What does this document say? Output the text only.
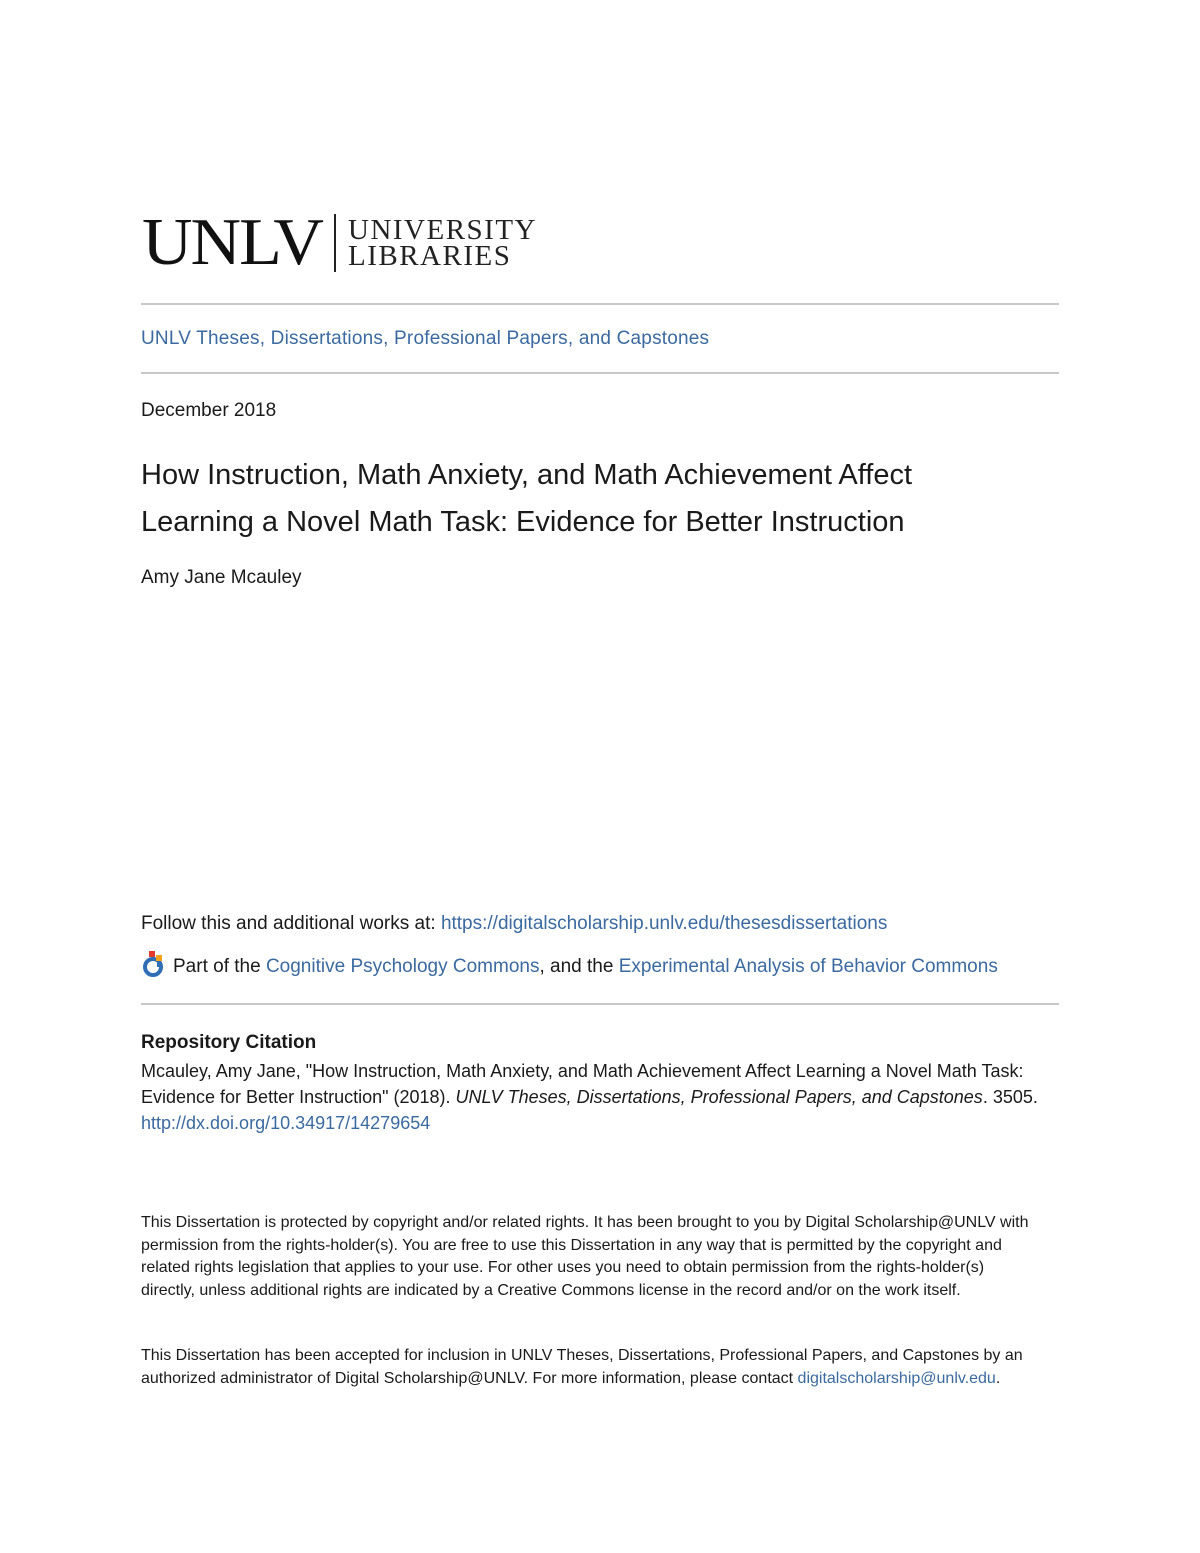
UNLV UNIVERSITY
LIBRARIES
UNLV Theses, Dissertations, Professional Papers, and Capstones
December 2018
How Instruction, Math Anxiety, and Math Achievement Affect
Learning a Novel Math Task: Evidence for Better Instruction
Amy Jane Mcauley
Follow this and additional works at: https://digitalscholarship.unlv.edu/thesesdissertations
Part of the
Cognitive Psychology Commons , and the Experimental Analysis of Behavior Commons
Repository Citation
Mcauley, Amy Jane, "How Instruction, Math Anxiety, and Math Achievement Affect Learning a Novel Math Task: Evidence for Better Instruction" (2018). UNLV Theses, Dissertations, Professional Papers, and Capstones. 3505.
http://dx.doi.org/10.34917/14279654
This Dissertation is protected by copyright and/or related rights. It has been brought to you by Digital Scholarship@UNLV with permission from the rights-holder(s). You are free to use this Dissertation in any way that is permitted by the copyright and related rights legislation that applies to your use. For other uses you need to obtain permission from the rights-holder(s) directly, unless additional rights are indicated by a Creative Commons license in the record and/or on the work itself.
This Dissertation has been accepted for inclusion in UNLV Theses, Dissertations, Professional Papers, and Capstones by an authorized administrator of Digital Scholarship@UNLV. For more information, please contact digitalscholarship@unlv.edu.
